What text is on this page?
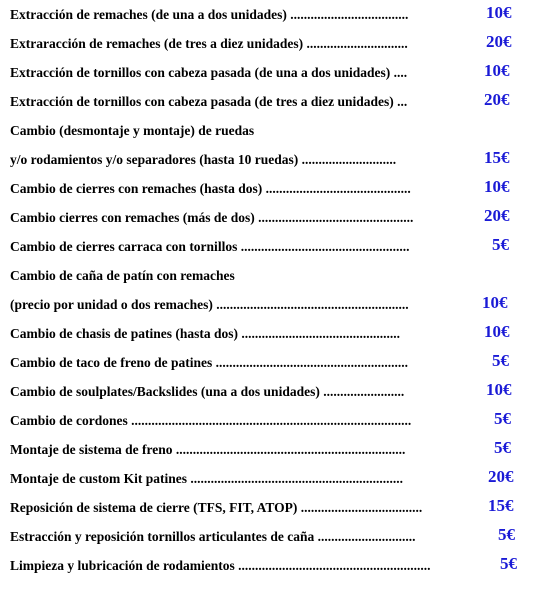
Extracción de remaches (de una a dos unidades) ...................................	10€
Extraracción de remaches (de tres a diez unidades) ..............................	20€
Extracción de tornillos con cabeza pasada (de una a dos unidades) ....	10€
Extracción de tornillos con cabeza pasada (de tres a diez unidades) ...	20€
Cambio (desmontaje y montaje) de ruedas
y/o rodamientos y/o separadores (hasta 10 ruedas) ............................	15€
Cambio de cierres con remaches (hasta dos) ...........................................	10€
Cambio cierres con remaches (más de dos) ..............................................	20€
Cambio de cierres carraca con tornillos ..................................................	5€
Cambio de caña de patín con remaches
(precio por unidad o dos remaches) .........................................................	10€
Cambio de chasis de patines (hasta dos) ...............................................	10€
Cambio de taco de freno de patines .........................................................	5€
Cambio de soulplates/Backslides (una a dos unidades) ........................	10€
Cambio de cordones ...................................................................................	5€
Montaje de sistema de freno ....................................................................	5€
Montaje de custom Kit patines ...............................................................	20€
Reposición de sistema de cierre (TFS, FIT, ATOP) ....................................	15€
Estracción y reposición tornillos articulantes de caña .............................	5€
Limpieza y lubricación de rodamientos .........................................................	5€
